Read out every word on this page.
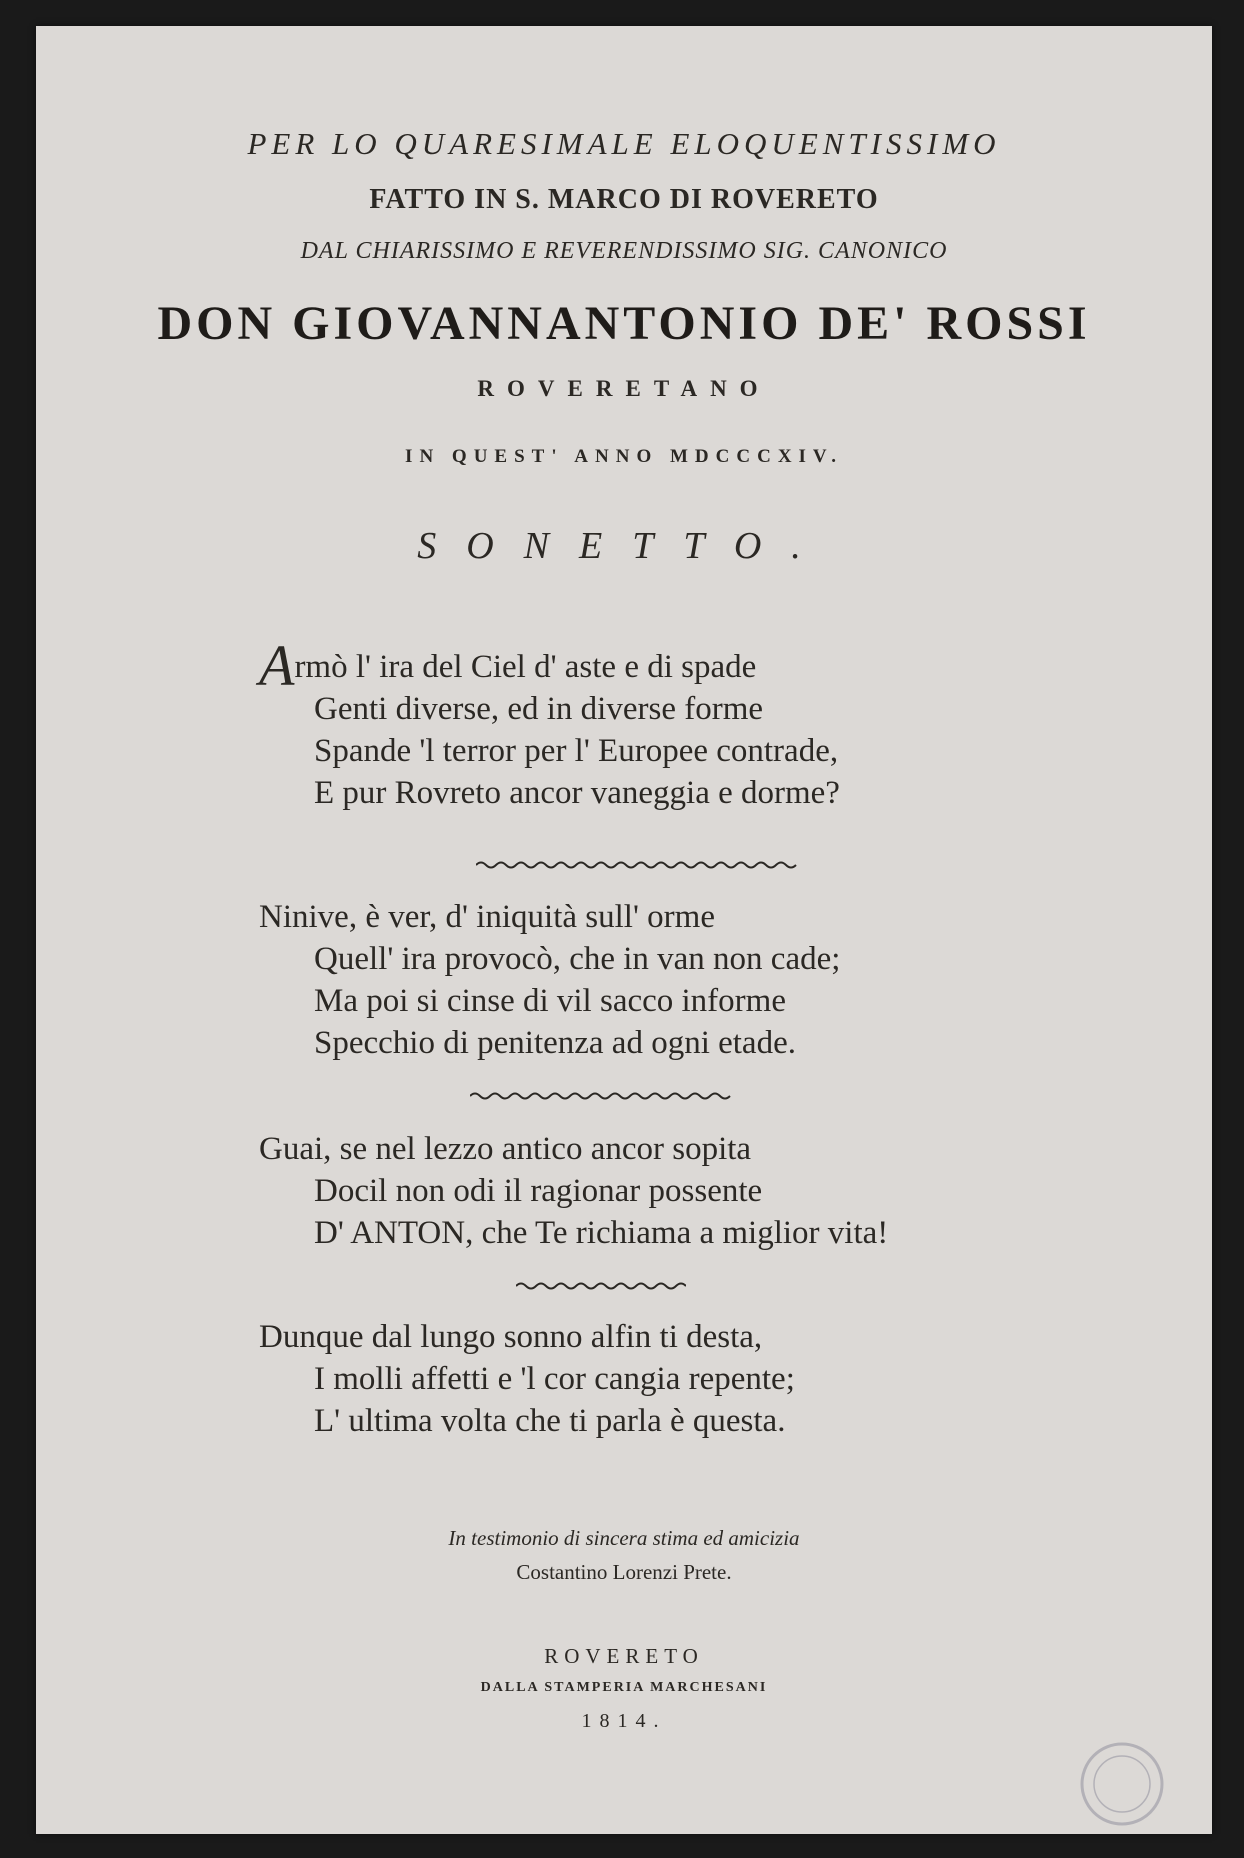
PER LO QUARESIMALE ELOQUENTISSIMO
FATTO IN S. MARCO DI ROVERETO
DAL CHIARISSIMO E REVERENDISSIMO SIG. CANONICO
DON GIOVANNANTONIO DE' ROSSI
ROVERETANO
IN QUEST' ANNO MDCCCXIV.
SONETTO.
Armò l' ira del Ciel d' aste e di spade
Genti diverse, ed in diverse forme
Spande 'l terror per l' Europee contrade,
E pur Rovreto ancor vaneggia e dorme?
Ninive, è ver, d' iniquità sull' orme
Quell' ira provocò, che in van non cade;
Ma poi si cinse di vil sacco informe
Specchio di penitenza ad ogni etade.
Guai, se nel lezzo antico ancor sopita
Docil non odi il ragionar possente
D' ANTON, che Te richiama a miglior vita!
Dunque dal lungo sonno alfin ti desta,
I molli affetti e 'l cor cangia repente;
L' ultima volta che ti parla è questa.
In testimonio di sincera stima ed amicizia
Costantino Lorenzi Prete.
ROVERETO
DALLA STAMPERIA MARCHESANI
1814.
